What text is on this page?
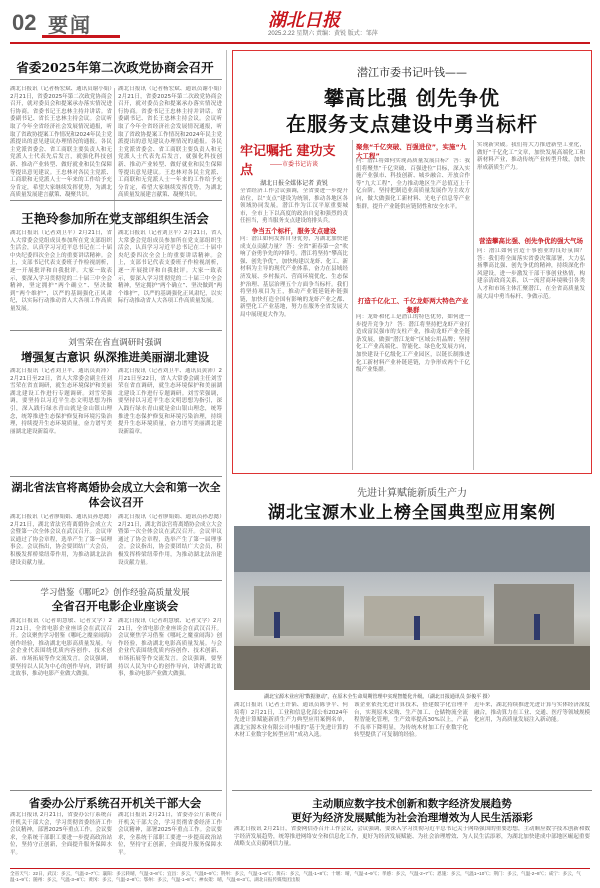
02 要闻	湖北日报
2025.2.22 星期六 责编：黄锐 版式：邹萍
省委2025年第二次政党协商会召开
湖北日报讯（记者杨宏斌、通讯员谢小娟）2月21日，省委2025年第二次政党协商会召开，就对委员会和提案承办落实情况进行协商。省委书记王忠林主持并讲话。省委副书记、省长王忠林主持会议。会议听取了今年全省经济社会发展情况通报，听取了省政协提案工作情况和2024年民主党派提出的意见建议办理情况的通报。各民主党派省委会、省工商联主要负责人和无党派人士代表先后发言，就强化科技创新、推动产业转型、做好就业和民生保障等提出意见建议。王忠林对各民主党派、工商联和无党派人士一年来的工作给予充分肯定，希望大家继续发挥优势，为湖北高质量发展建言献策、凝聚共识。
湖北日报讯（记者杨宏斌、通讯员谢小娟）2月21日，省委2025年第二次政党协商会召开，就对委员会和提案承办落实情况进行协商。省委书记王忠林主持并讲话。省委副书记、省长王忠林主持会议。会议听取了今年全省经济社会发展情况通报，听取了省政协提案工作情况和2024年民主党派提出的意见建议办理情况的通报。各民主党派省委会、省工商联主要负责人和无党派人士代表先后发言，就强化科技创新、推动产业转型、做好就业和民生保障等提出意见建议。王忠林对各民主党派、工商联和无党派人士一年来的工作给予充分肯定，希望大家继续发挥优势，为湖北高质量发展建言献策、凝聚共识。
王艳玲参加所在党支部组织生活会
湖北日报讯（记者刘卫平）2月21日，省人大常委会党组成员参加所在党支部组织生活会，认真学习习近平总书记在二十届中央纪委四次全会上的重要讲话精神。会上，支部书记代表支委班子作检视剖析，逐一开展批评和自我批评。大家一致表示，要深入学习贯彻党的二十届三中全会精神，坚定拥护“两个确立”、坚决做到“两个维护”，以严的基调强化正风肃纪，以实际行动推动省人大各项工作高质量发展。
湖北日报讯（记者刘卫平）2月21日，省人大常委会党组成员参加所在党支部组织生活会，认真学习习近平总书记在二十届中央纪委四次全会上的重要讲话精神。会上，支部书记代表支委班子作检视剖析，逐一开展批评和自我批评。大家一致表示，要深入学习贯彻党的二十届三中全会精神，坚定拥护“两个确立”、坚决做到“两个维护”，以严的基调强化正风肃纪，以实际行动推动省人大各项工作高质量发展。
刘雪荣在省直调研时强调
增强复古意识 纵深推进美丽湖北建设
湖北日报讯（记者刘卫平、通讯员黄沛）2月21日至22日，省人大常委会副主任刘雪荣在省直调研，就生态环境保护和美丽湖北建设工作进行专题调研。刘雪荣强调，要坚持以习近平生态文明思想为指引，深入践行绿水青山就是金山银山理念，统筹推进生态保护修复和环境污染治理，持续提升生态环境质量，奋力谱写美丽湖北建设新篇章。
湖北日报讯（记者刘卫平、通讯员黄沛）2月21日至22日，省人大常委会副主任刘雪荣在省直调研，就生态环境保护和美丽湖北建设工作进行专题调研。刘雪荣强调，要坚持以习近平生态文明思想为指引，深入践行绿水青山就是金山银山理念，统筹推进生态保护修复和环境污染治理，持续提升生态环境质量，奋力谱写美丽湖北建设新篇章。
湖北省法官将离婚协会成立大会和第一次全体会议召开
湖北日报讯（记者廖娟娟、通讯员孙思懿）2月21日，湖北省法官将离婚协会成立大会暨第一次全体会议在武汉召开。会议审议通过了协会章程，选举产生了第一届理事会。会议指出，协会要团结广大会员，积极发挥桥梁纽带作用，为推动湖北法治建设贡献力量。
湖北日报讯（记者廖娟娟、通讯员孙思懿）2月21日，湖北省法官将离婚协会成立大会暨第一次全体会议在武汉召开。会议审议通过了协会章程，选举产生了第一届理事会。会议指出，协会要团结广大会员，积极发挥桥梁纽带作用，为推动湖北法治建设贡献力量。
学习借鉴《哪吒2》创作经验高质量发展
全省召开电影企业座谈会
湖北日报讯（记者胡慧敏、记者文学）2月21日，全省电影企业座谈会在武汉召开。会议聚焦学习借鉴《哪吒之魔童闹海》创作经验，推动湖北电影高质量发展。与会企业代表围绕优质内容创作、技术创新、市场拓展等作交流发言。会议强调，要坚持以人民为中心的创作导向，讲好湖北故事，推动电影产业做大做强。
湖北日报讯（记者胡慧敏、记者文学）2月21日，全省电影企业座谈会在武汉召开。会议聚焦学习借鉴《哪吒之魔童闹海》创作经验，推动湖北电影高质量发展。与会企业代表围绕优质内容创作、技术创新、市场拓展等作交流发言。会议强调，要坚持以人民为中心的创作导向，讲好湖北故事，推动电影产业做大做强。
省委办公厅系统召开机关干部大会
湖北日报讯 2月21日，省委办公厅系统召开机关干部大会，学习贯彻省委经济工作会议精神，部署2025年重点工作。会议要求，全系统干部职工要进一步提高政治站位，坚持守正创新，全面提升服务保障水平。
湖北日报讯 2月21日，省委办公厅系统召开机关干部大会，学习贯彻省委经济工作会议精神，部署2025年重点工作。会议要求，全系统干部职工要进一步提高政治站位，坚持守正创新，全面提升服务保障水平。
潜江市委书记叶钱——
攀高比强 创先争优
在服务支点建设中勇当标杆
牢记嘱托 建功支点	——市委书记访谈
湖北日报全媒体记者 黄锐
全省经济工作会议强调，全省要进一步提升站位，以“支点”建设为统领，推动各地区各领域协同发展。潜江作为江汉平原重要城市，全市上下以高度的政治自觉和强烈的责任担当，勇当服务支点建设的排头兵。
争当五个标杆，服务支点建设
问：潜江如何发挥自身优势，为湖北加快建成支点贡献力量？ 答：全省“新春第一会”吹响了奋勇争先的冲锋号。潜江将坚持“攀高比强、创先争优”，加快构建以龙虾、化工、新材料为主导的现代产业体系，奋力在县域经济发展、乡村振兴、营商环境优化、生态保护治理、基层治理五个方面争当标杆。我们将坚持项目为王，推动产业链延链补链强链，加快打造全国有影响的龙虾产业之都、新型化工产业基地，努力在服务全省发展大局中展现更大作为。
聚焦“千亿突破、百强进位”，实施“九大工程”
问：潜江将如何实现高质量发展目标？ 答：我们将聚焦“千亿突破、百强进位”目标，深入实施产业强市、科技创新、城乡融合、开放合作等“九大工程”，全力推动地区生产总值迈上千亿台阶。坚持把制造业高质量发展作为主攻方向，做大做强化工新材料、光电子信息等产业集群，提升产业链供应链韧性和安全水平。
打造千亿化工、千亿龙虾两大特色产业集群
问：龙虾和化工是潜江的特色优势，如何进一步提升竞争力？ 答：潜江将坚持把龙虾产业打造成富民强市的支柱产业，推动龙虾产业全链条发展，做强“潜江龙虾”区域公用品牌；坚持化工产业高端化、智能化、绿色化发展方向，加快建设千亿级化工产业园区，以链长制推进化工新材料产业补链延链，力争形成两个千亿级产业集群。
实现新突破。我们将大力推进新型工业化，做好“千亿化工”文章，加快发展高端化工和新材料产业，推动传统产业转型升级，加快形成新质生产力。
营造攀高比强、创先争优的强大气场
问：潜江如何营造干事创业的良好氛围？ 答：我们将全面落实省委决策部署，大力弘扬攀高比强、创先争优的精神，持续深化作风建设，进一步激发干部干事创业热情，构建亲清政商关系，以一流营商环境吸引各类人才和市场主体汇聚潜江，在全省高质量发展大局中勇当标杆、争做示范。
先进计算赋能新质生产力
湖北宝源木业上榜全国典型应用案例
湖北宝源木业应用“数据驱动”，在原木全生命周期管理中实现智能化升级。（湖北日报通讯员 彭俊平 摄）
湖北日报讯（记者王许韬、通讯员陈争平、何培将）2月21日，工业和信息化部公布2024年先进计算赋能新质生产力典型应用案例名单，湖北宝源木业有限公司申报的“基于先进计算的木材工业数字化转型应用”成功入选。
该企业依托先进计算技术，搭建数字化管理平台，实现原木采购、生产加工、仓储物流全流程智能化管理，生产效率提高30%以上，产品不良率下降明显，为传统木材加工行业数字化转型提供了可复制的经验。
近年来，湖北持续推进先进计算与实体经济深度融合，推动算力在工业、交通、医疗等领域规模化应用，为高质量发展注入新动能。
主动顺应数字技术创新和数字经济发展趋势
更好为经济发展赋能为社会治理增效为人民生活添彩
湖北日报讯 2月21日，省委网信办召开工作会议，会议强调，要深入学习贯彻习近平总书记关于网络强国的重要思想，主动顺应数字技术创新和数字经济发展趋势，统筹推进网络安全和信息化工作，更好为经济发展赋能、为社会治理增效、为人民生活添彩，为湖北加快建成中部地区崛起重要战略支点贡献网信力量。
全省天气：22日，武汉：多云，气温-2~7℃；襄阳：多云转晴，气温-3~8℃；宜昌：多云，气温0~9℃；荆州：多云，气温-1~8℃；黄石：多云，气温-1~8℃；十堰：晴，气温-4~9℃；孝感：多云，气温-2~7℃；恩施：多云，气温1~10℃；荆门：多云，气温-2~8℃；咸宁：多云，气温-1~9℃；随州：多云，气温-3~8℃；黄冈：多云，气温-2~8℃；鄂州：多云，气温-1~8℃；神农架：晴，气温-8~3℃。湖北日报传媒集团出版
